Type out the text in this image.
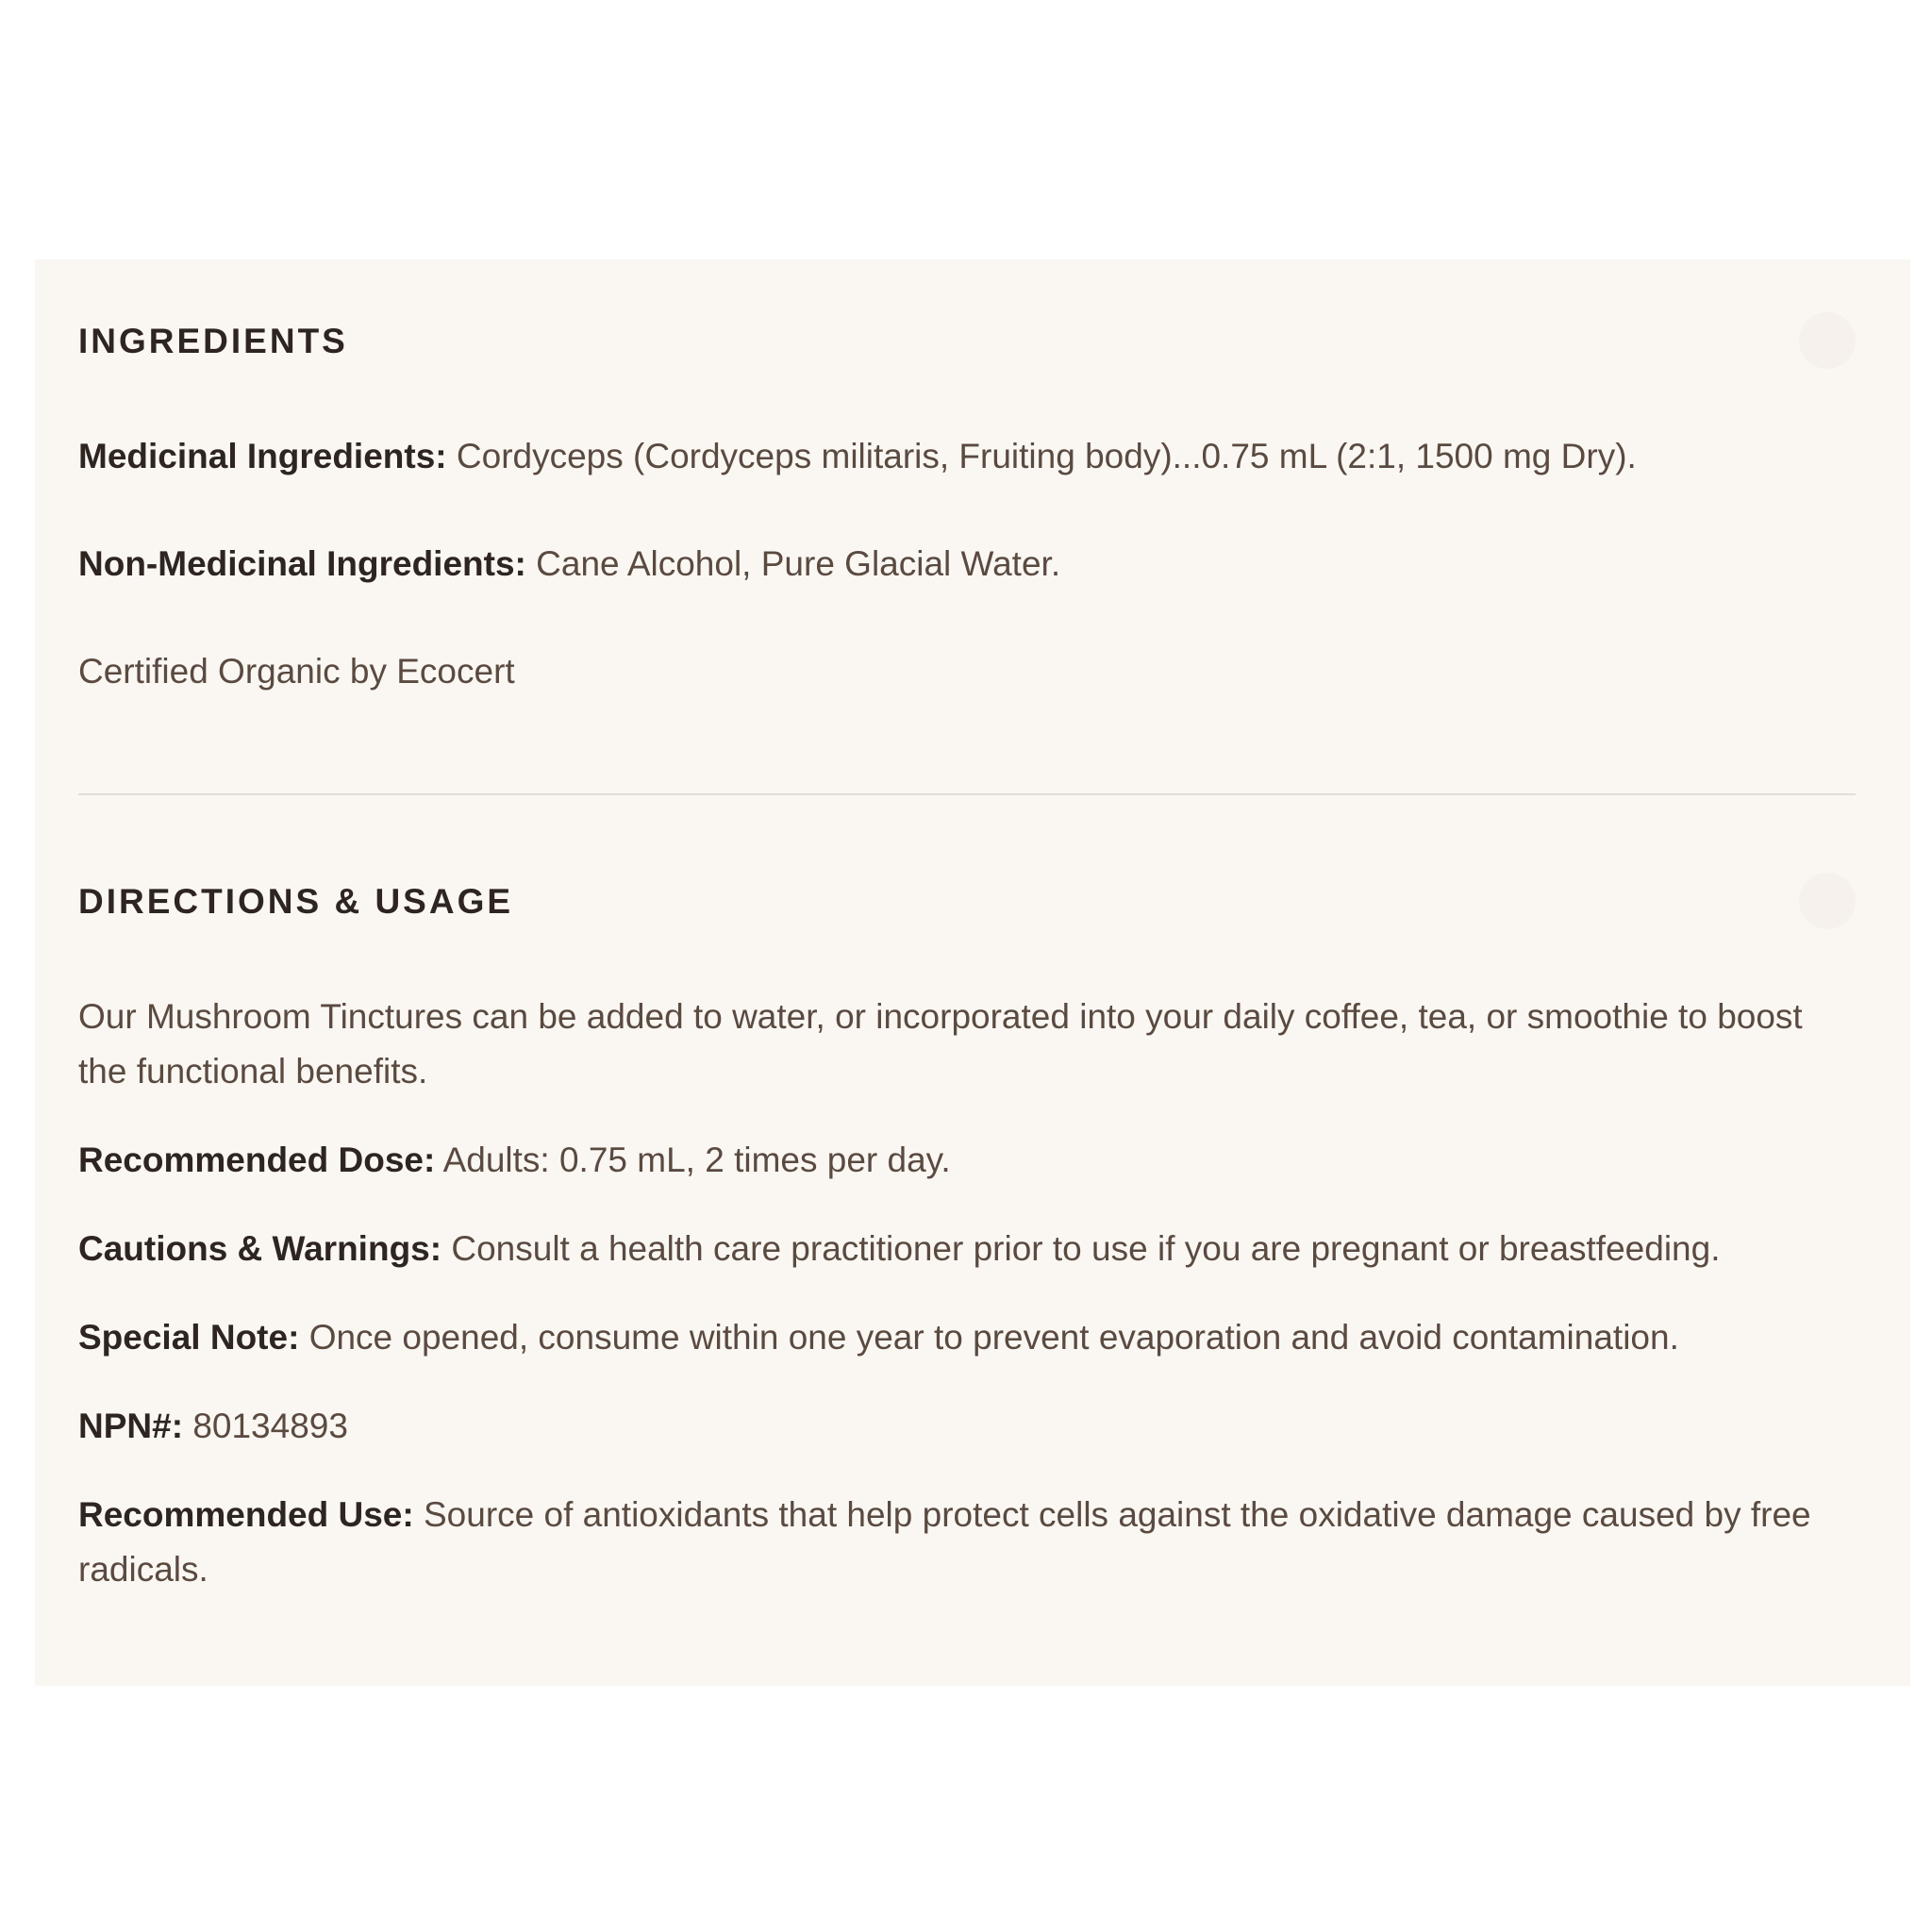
INGREDIENTS

Medicinal Ingredients: Cordyceps (Cordyceps militaris, Fruiting body)...0.75 mL (2:1, 1500 mg Dry).

Non-Medicinal Ingredients: Cane Alcohol, Pure Glacial Water.

Certified Organic by Ecocert

DIRECTIONS & USAGE

Our Mushroom Tinctures can be added to water, or incorporated into your daily coffee, tea, or smoothie to boost the functional benefits.

Recommended Dose: Adults: 0.75 mL, 2 times per day.

Cautions & Warnings: Consult a health care practitioner prior to use if you are pregnant or breastfeeding.

Special Note: Once opened, consume within one year to prevent evaporation and avoid contamination.

NPN#: 80134893

Recommended Use: Source of antioxidants that help protect cells against the oxidative damage caused by free radicals.
